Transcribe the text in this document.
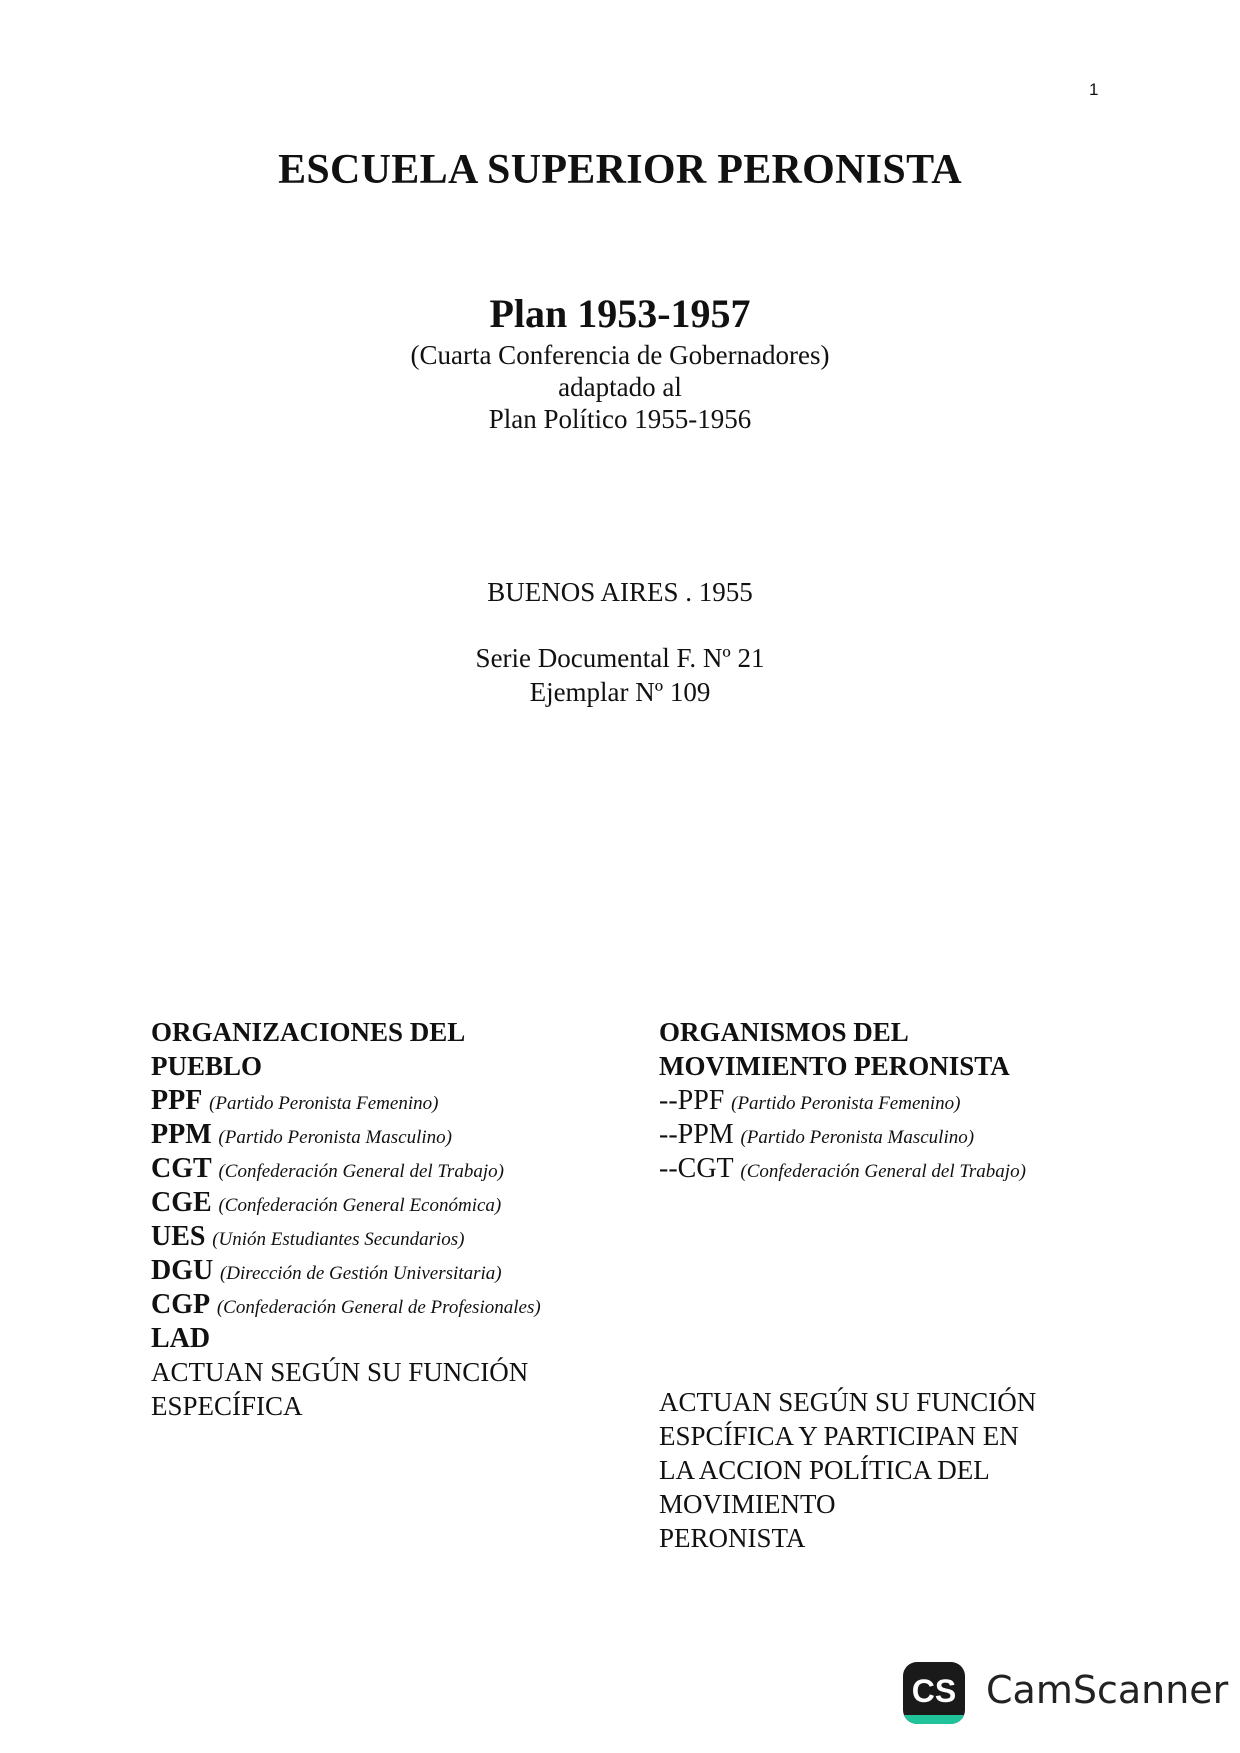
1
ESCUELA SUPERIOR PERONISTA
Plan 1953-1957
(Cuarta Conferencia de Gobernadores)
adaptado al
Plan Político 1955-1956
BUENOS AIRES . 1955
Serie Documental F. Nº 21
Ejemplar Nº 109
ORGANIZACIONES DEL
PUEBLO
PPF (Partido Peronista Femenino)
PPM (Partido Peronista Masculino)
CGT (Confederación General del Trabajo)
CGE (Confederación General Económica)
UES (Unión Estudiantes Secundarios)
DGU (Dirección de Gestión Universitaria)
CGP (Confederación General de Profesionales)
LAD
ACTUAN SEGÚN SU FUNCIÓN
ESPECÍFICA
ORGANISMOS DEL
MOVIMIENTO PERONISTA
--PPF (Partido Peronista Femenino)
--PPM (Partido Peronista Masculino)
--CGT (Confederación General del Trabajo)
ACTUAN SEGÚN SU FUNCIÓN
ESPCÍFICA Y PARTICIPAN EN
LA ACCION POLÍTICA DEL
MOVIMIENTO
PERONISTA
CS CamScanner
